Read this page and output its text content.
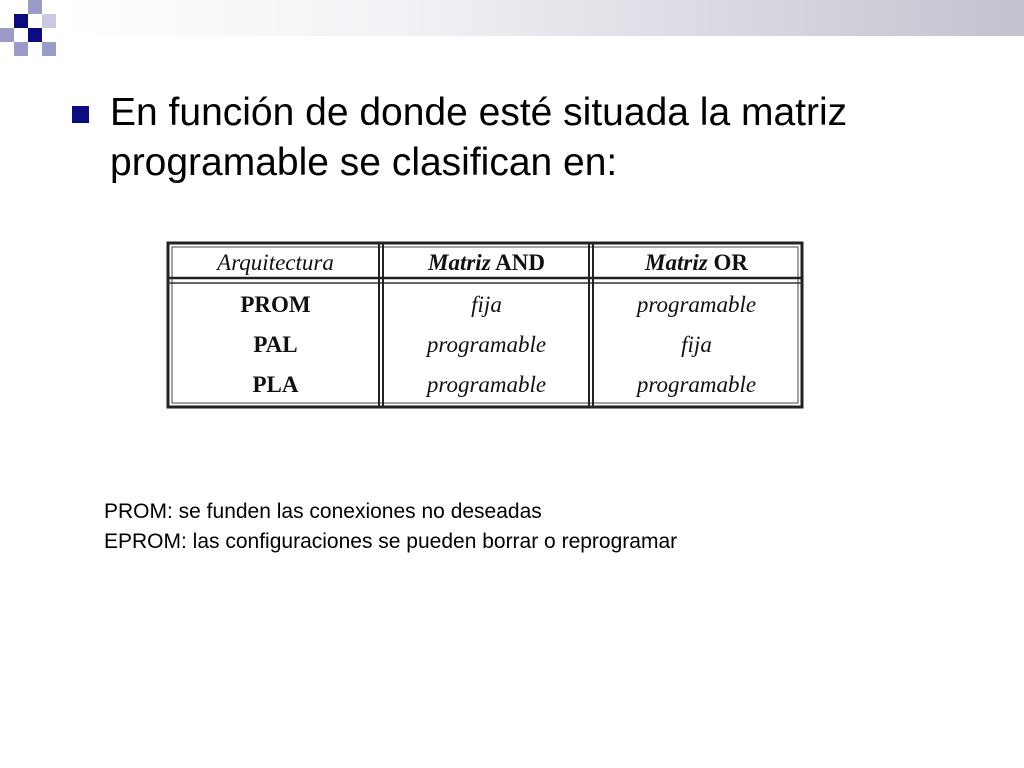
En función de donde esté situada la matriz programable se clasifican en:

Arquitectura	Matriz AND	Matriz OR
PROM	fija	programable
PAL	programable	fija
PLA	programable	programable
PROM: se funden las conexiones no deseadas
EPROM: las configuraciones se pueden borrar o reprogramar
